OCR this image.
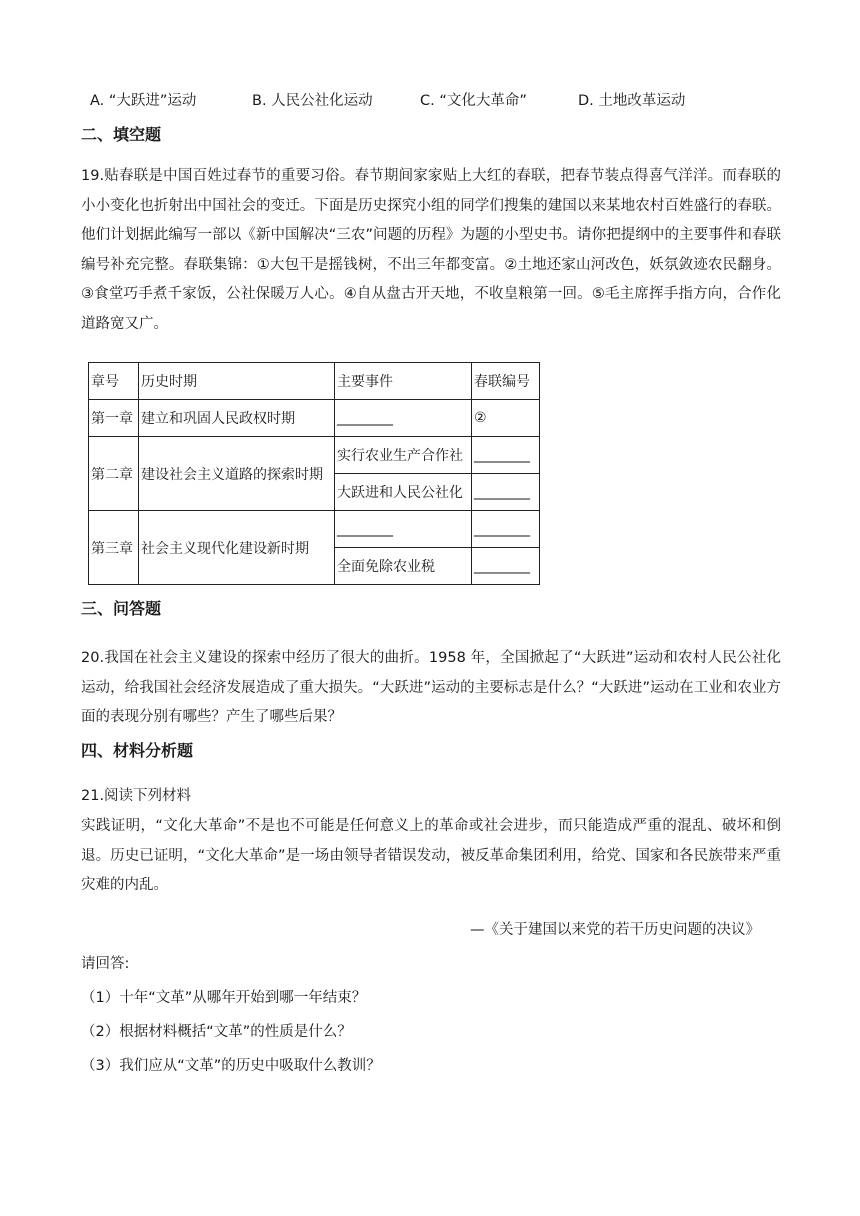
A. “大跃进”运动	B. 人民公社化运动	C. “文化大革命”	D. 土地改革运动
二、填空题
19.贴春联是中国百姓过春节的重要习俗。春节期间家家贴上大红的春联，把春节装点得喜气洋洋。而春联的小小变化也折射出中国社会的变迁。下面是历史探究小组的同学们搜集的建国以来某地农村百姓盛行的春联。他们计划据此编写一部以《新中国解决“三农”问题的历程》为题的小型史书。请你把提纲中的主要事件和春联编号补充完整。春联集锦：①大包干是摇钱树，不出三年都变富。②土地还家山河改色，妖氛敛迹农民翻身。③食堂巧手煮千家饭，公社保暖万人心。④自从盘古开天地，不收皇粮第一回。⑤毛主席挥手指方向，合作化道路宽又广。
章号	历史时期	主要事件	春联编号
第一章	建立和巩固人民政权时期	________	②
第二章	建设社会主义道路的探索时期	实行农业生产合作社	________
		大跃进和人民公社化	________
第三章	社会主义现代化建设新时期	________	________
		全面免除农业税	________
三、问答题
20.我国在社会主义建设的探索中经历了很大的曲折。1958 年，全国掀起了“大跃进”运动和农村人民公社化运动，给我国社会经济发展造成了重大损失。“大跃进”运动的主要标志是什么？“大跃进”运动在工业和农业方面的表现分别有哪些？产生了哪些后果？
四、材料分析题
21.阅读下列材料
实践证明，“文化大革命”不是也不可能是任何意义上的革命或社会进步，而只能造成严重的混乱、破坏和倒退。历史已证明，“文化大革命”是一场由领导者错误发动，被反革命集团利用，给党、国家和各民族带来严重灾难的内乱。
—《关于建国以来党的若干历史问题的决议》
请回答:
（1）十年“文革”从哪年开始到哪一年结束？
（2）根据材料概括“文革”的性质是什么？
（3）我们应从“文革”的历史中吸取什么教训？
